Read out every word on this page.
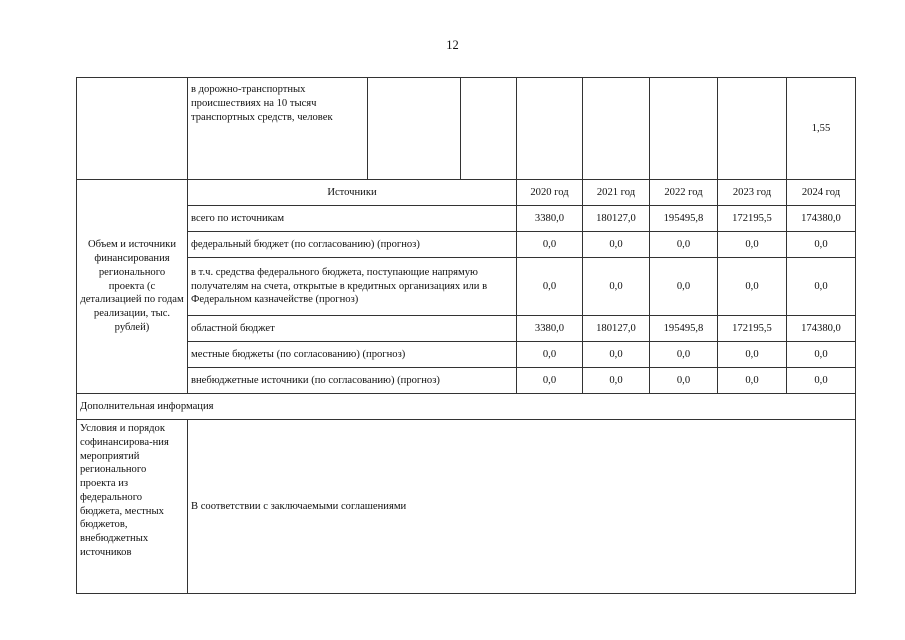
12
	в дорожно-транспортных происшествиях на 10 тысяч транспортных средств, человек							1,55

Объем и источники финансирования регионального проекта (с детализацией по годам реализации, тыс. рублей)	Источники			2020 год	2021 год	2022 год	2023 год	2024 год
	всего по источникам			3380,0	180127,0	195495,8	172195,5	174380,0
	федеральный бюджет (по согласованию) (прогноз)			0,0	0,0	0,0	0,0	0,0
	в т.ч. средства федерального бюджета, поступающие напрямую получателям на счета, открытые в кредитных организациях или в Федеральном казначействе (прогноз)			0,0	0,0	0,0	0,0	0,0
	областной бюджет			3380,0	180127,0	195495,8	172195,5	174380,0
	местные бюджеты (по согласованию) (прогноз)			0,0	0,0	0,0	0,0	0,0
	внебюджетные источники (по согласованию) (прогноз)			0,0	0,0	0,0	0,0	0,0
Дополнительная информация								
Условия и порядок софинансирова-ния мероприятий регионального проекта из федерального бюджета, местных бюджетов, внебюджетных источников	В соответствии с заключаемыми соглашениями							
